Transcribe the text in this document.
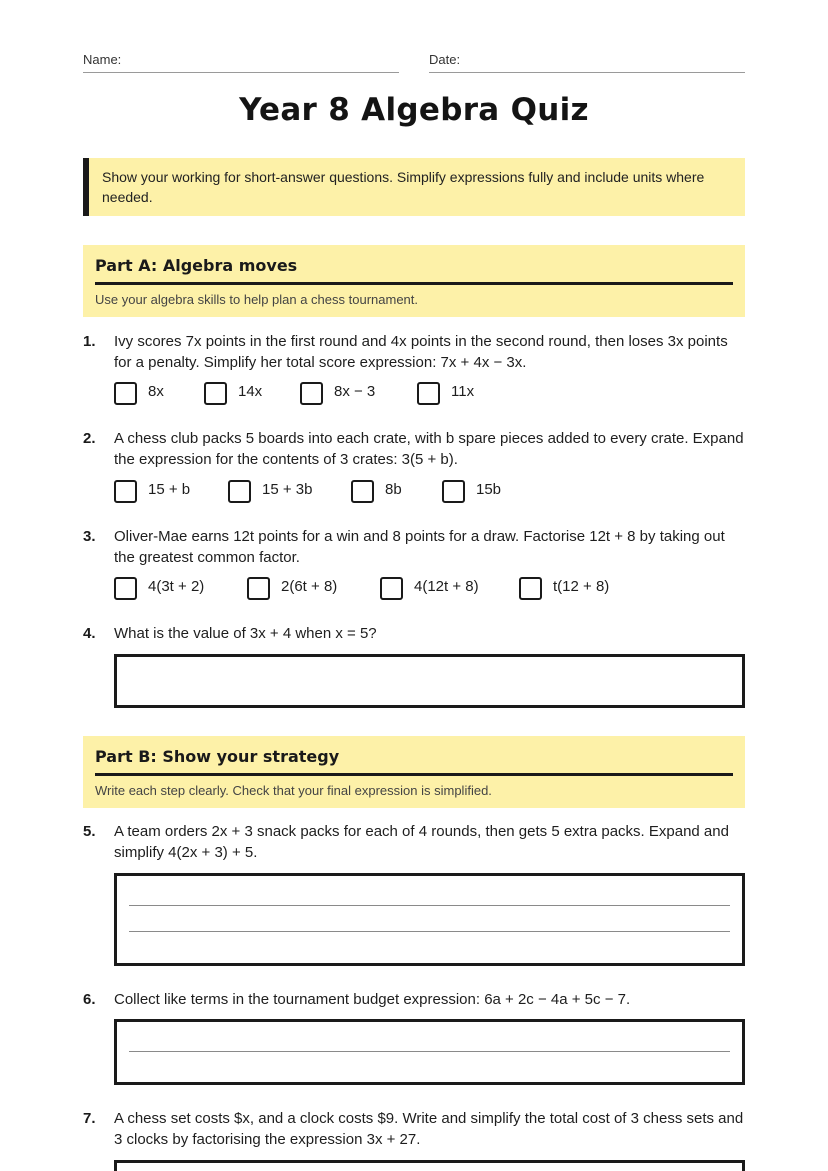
Name:	Date:
Year 8 Algebra Quiz
Show your working for short-answer questions. Simplify expressions fully and include units where needed.
Part A: Algebra moves
Use your algebra skills to help plan a chess tournament.
1. Ivy scores 7x points in the first round and 4x points in the second round, then loses 3x points for a penalty. Simplify her total score expression: 7x + 4x − 3x.
8x	14x	8x − 3	11x
2. A chess club packs 5 boards into each crate, with b spare pieces added to every crate. Expand the expression for the contents of 3 crates: 3(5 + b).
15 + b	15 + 3b	8b	15b
3. Oliver-Mae earns 12t points for a win and 8 points for a draw. Factorise 12t + 8 by taking out the greatest common factor.
4(3t + 2)	2(6t + 8)	4(12t + 8)	t(12 + 8)
4. What is the value of 3x + 4 when x = 5?
Part B: Show your strategy
Write each step clearly. Check that your final expression is simplified.
5. A team orders 2x + 3 snack packs for each of 4 rounds, then gets 5 extra packs. Expand and simplify 4(2x + 3) + 5.
6. Collect like terms in the tournament budget expression: 6a + 2c − 4a + 5c − 7.
7. A chess set costs $x, and a clock costs $9. Write and simplify the total cost of 3 chess sets and 3 clocks by factorising the expression 3x + 27.
